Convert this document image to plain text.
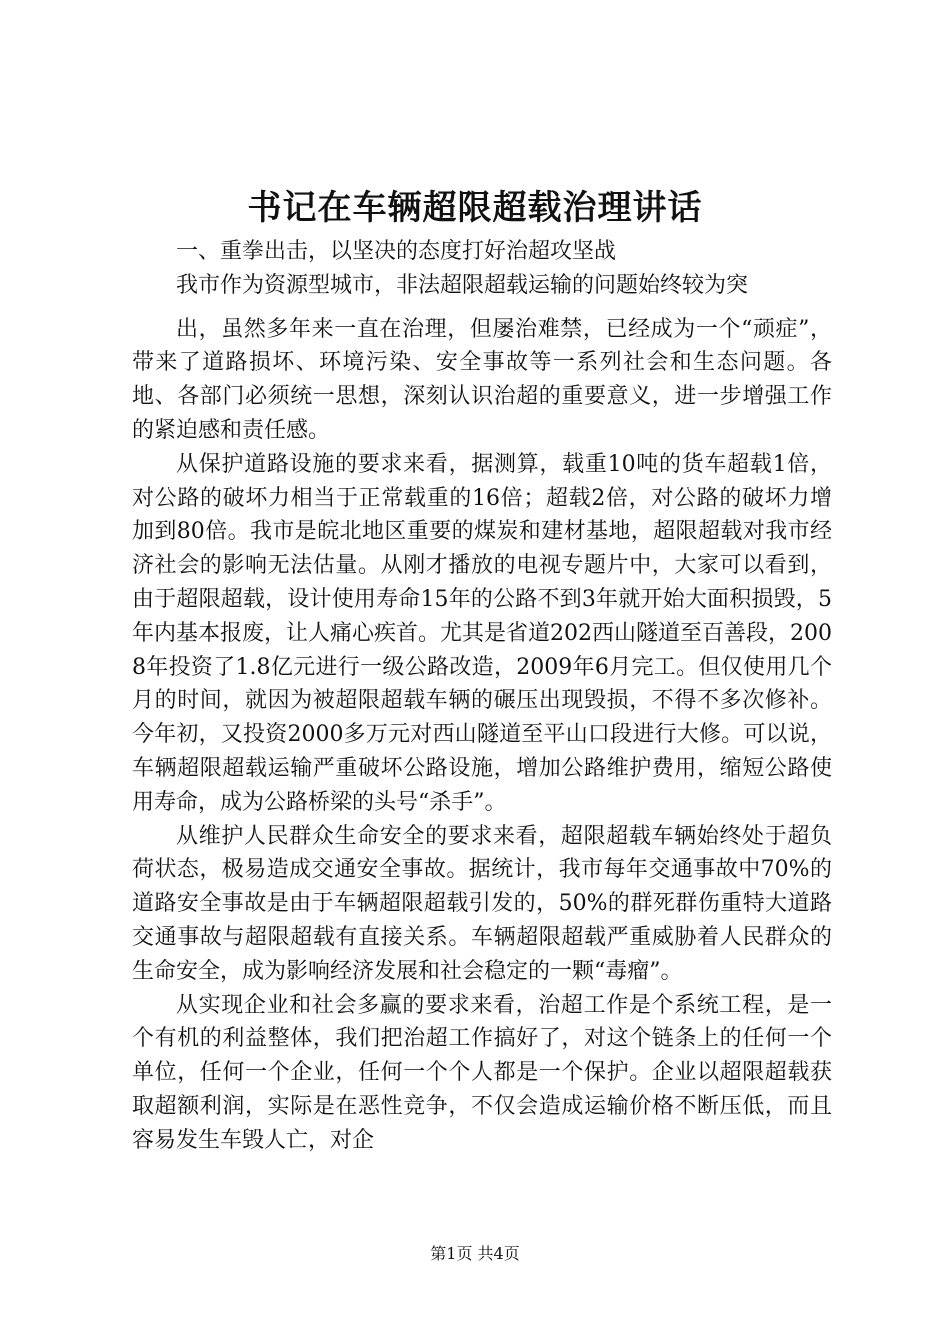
书记在车辆超限超载治理讲话

一、重拳出击，以坚决的态度打好治超攻坚战

我市作为资源型城市，非法超限超载运输的问题始终较为突

出，虽然多年来一直在治理，但屡治难禁，已经成为一个“顽症”，带来了道路损坏、环境污染、安全事故等一系列社会和生态问题。各地、各部门必须统一思想，深刻认识治超的重要意义，进一步增强工作的紧迫感和责任感。

从保护道路设施的要求来看，据测算，载重10吨的货车超载1倍，对公路的破坏力相当于正常载重的16倍；超载2倍，对公路的破坏力增加到80倍。我市是皖北地区重要的煤炭和建材基地，超限超载对我市经济社会的影响无法估量。从刚才播放的电视专题片中，大家可以看到，由于超限超载，设计使用寿命15年的公路不到3年就开始大面积损毁，5年内基本报废，让人痛心疾首。尤其是省道202西山隧道至百善段，2008年投资了1.8亿元进行一级公路改造，2009年6月完工。但仅使用几个月的时间，就因为被超限超载车辆的碾压出现毁损，不得不多次修补。今年初，又投资2000多万元对西山隧道至平山口段进行大修。可以说，车辆超限超载运输严重破坏公路设施，增加公路维护费用，缩短公路使用寿命，成为公路桥梁的头号“杀手”。

从维护人民群众生命安全的要求来看，超限超载车辆始终处于超负荷状态，极易造成交通安全事故。据统计，我市每年交通事故中70%的道路安全事故是由于车辆超限超载引发的，50%的群死群伤重特大道路交通事故与超限超载有直接关系。车辆超限超载严重威胁着人民群众的生命安全，成为影响经济发展和社会稳定的一颗“毒瘤”。

从实现企业和社会多赢的要求来看，治超工作是个系统工程，是一个有机的利益整体，我们把治超工作搞好了，对这个链条上的任何一个单位，任何一个企业，任何一个个人都是一个保护。企业以超限超载获取超额利润，实际是在恶性竞争，不仅会造成运输价格不断压低，而且容易发生车毁人亡，对企

第1页 共4页
